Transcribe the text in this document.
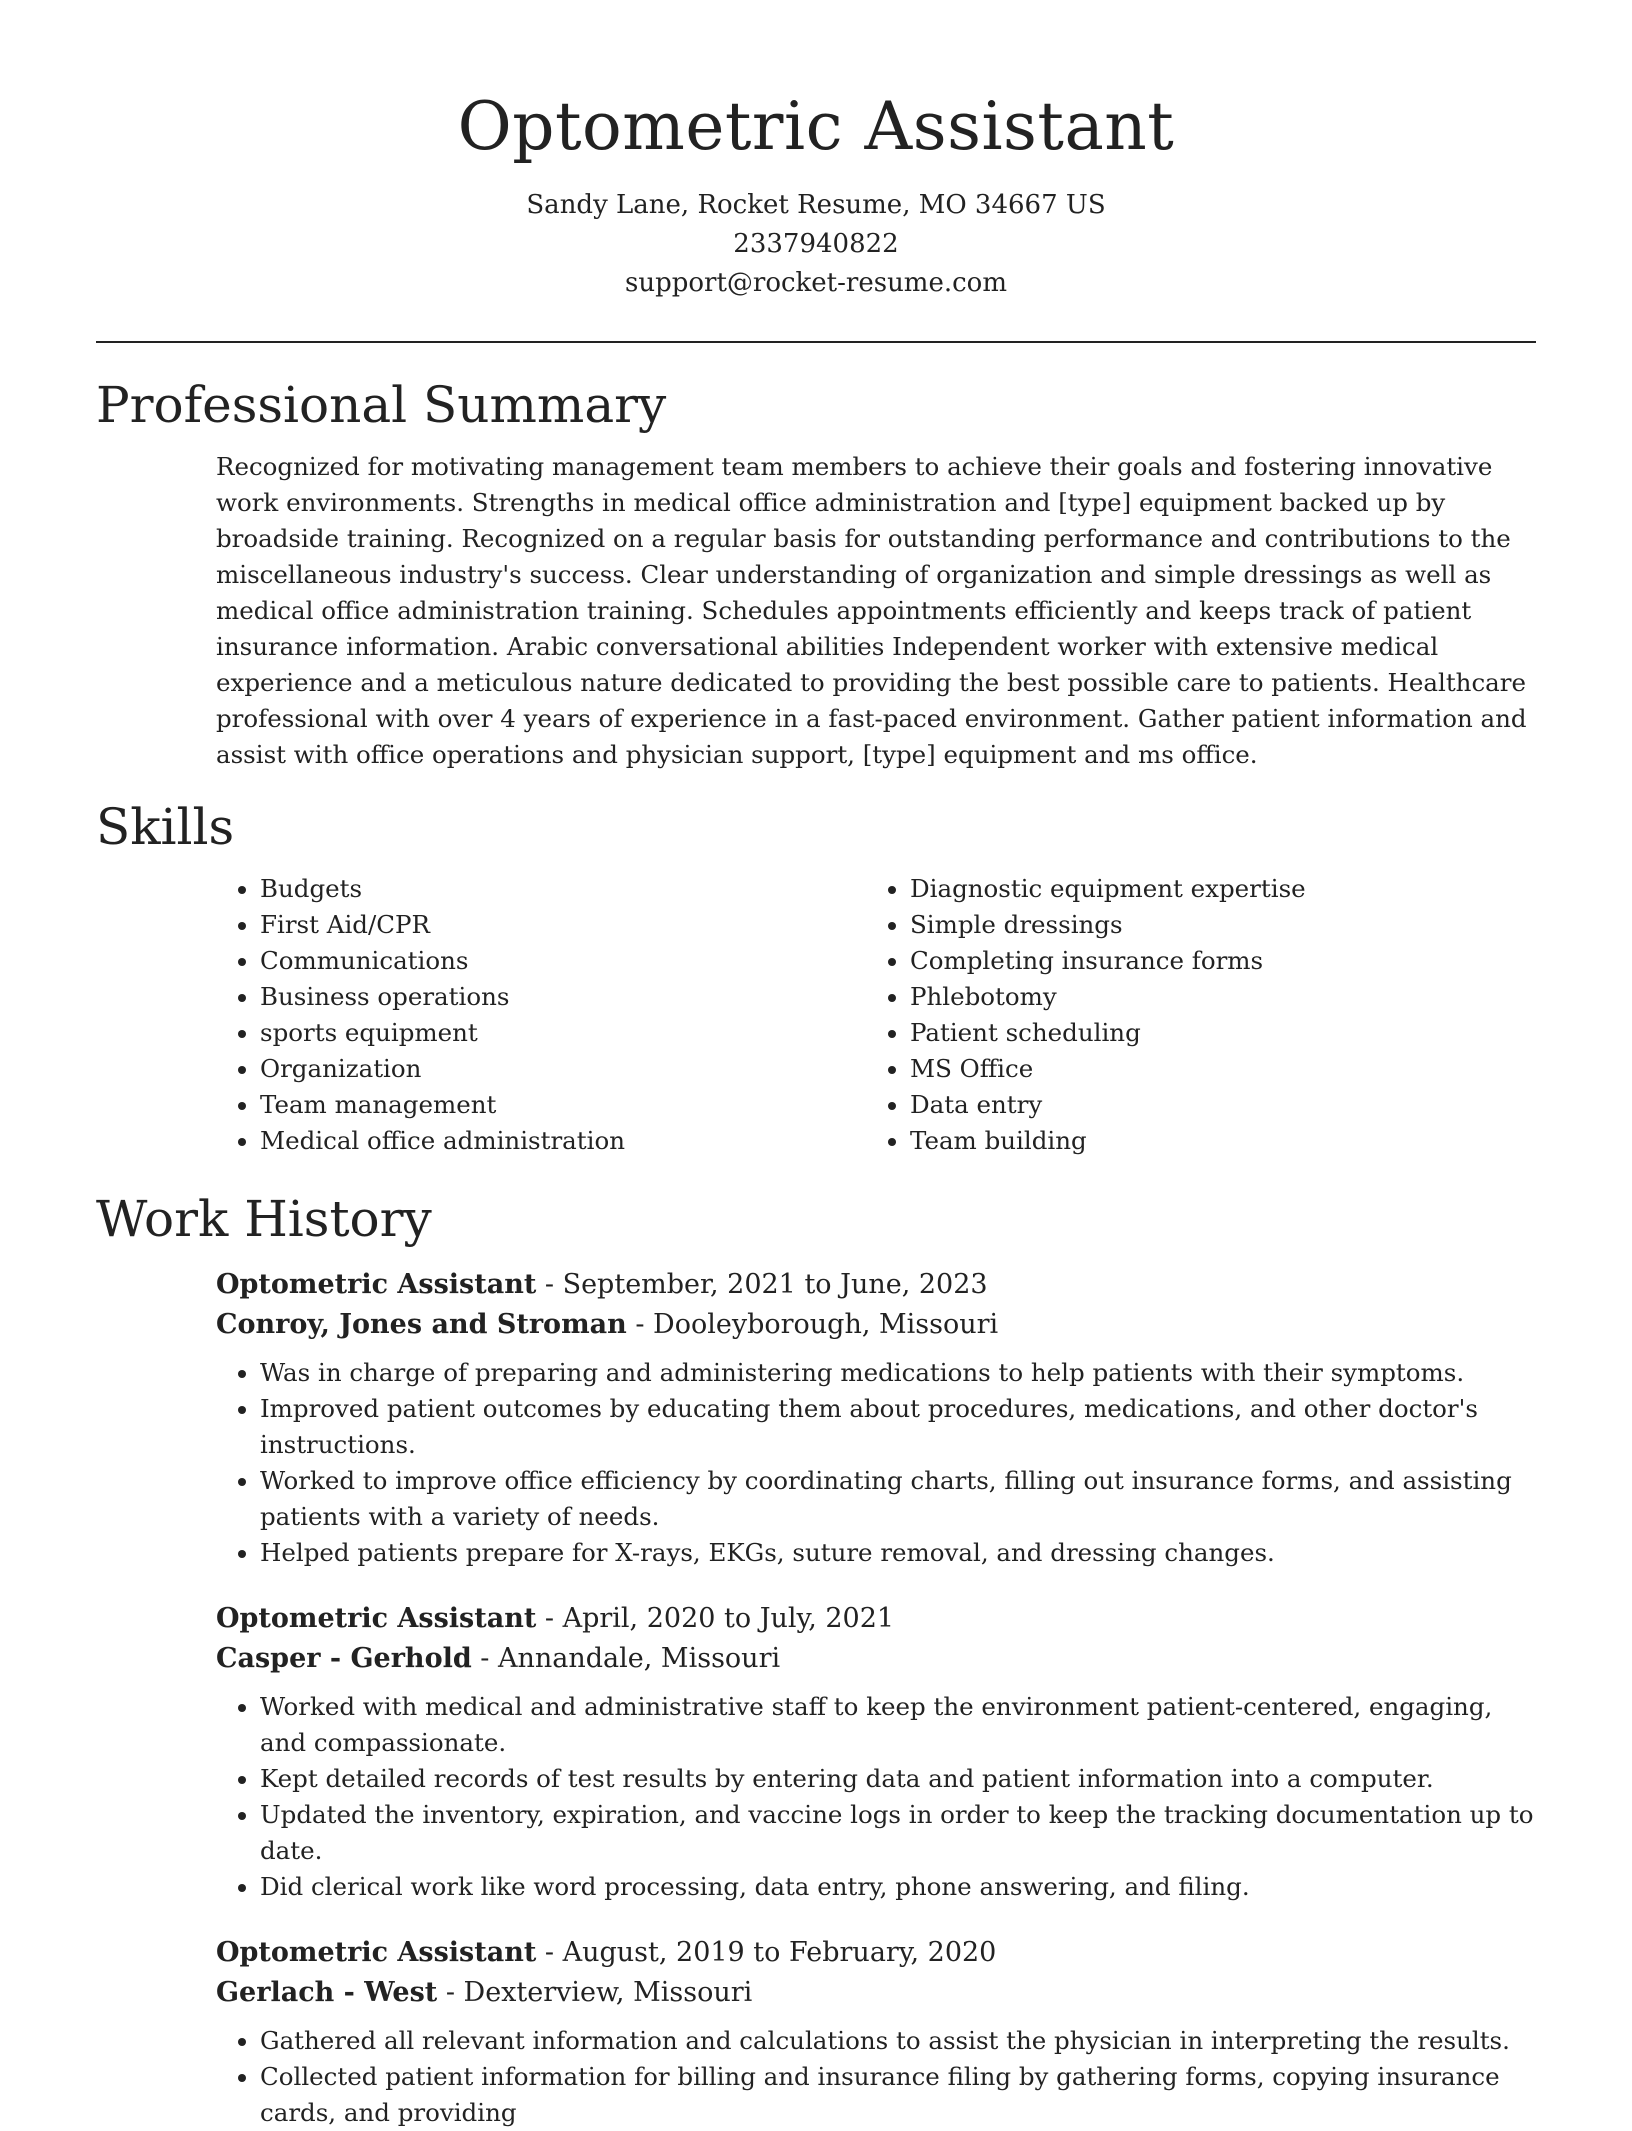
Optometric Assistant
Sandy Lane, Rocket Resume, MO 34667 US
2337940822
support@rocket-resume.com
Professional Summary

Recognized for motivating management team members to achieve their goals and fostering innovative work environments. Strengths in medical office administration and [type] equipment backed up by broadside training. Recognized on a regular basis for outstanding performance and contributions to the miscellaneous industry's success. Clear understanding of organization and simple dressings as well as medical office administration training. Schedules appointments efficiently and keeps track of patient insurance information. Arabic conversational abilities Independent worker with extensive medical experience and a meticulous nature dedicated to providing the best possible care to patients. Healthcare professional with over 4 years of experience in a fast-paced environment. Gather patient information and assist with office operations and physician support, [type] equipment and ms office.

Skills
• Budgets
• First Aid/CPR
• Communications
• Business operations
• sports equipment
• Organization
• Team management
• Medical office administration
• Diagnostic equipment expertise
• Simple dressings
• Completing insurance forms
• Phlebotomy
• Patient scheduling
• MS Office
• Data entry
• Team building
Work History
Optometric Assistant - September, 2021 to June, 2023
Conroy, Jones and Stroman - Dooleyborough, Missouri
• Was in charge of preparing and administering medications to help patients with their symptoms.
• Improved patient outcomes by educating them about procedures, medications, and other doctor's instructions.
• Worked to improve office efficiency by coordinating charts, filling out insurance forms, and assisting patients with a variety of needs.
• Helped patients prepare for X-rays, EKGs, suture removal, and dressing changes.
Optometric Assistant - April, 2020 to July, 2021
Casper - Gerhold - Annandale, Missouri
• Worked with medical and administrative staff to keep the environment patient-centered, engaging, and compassionate.
• Kept detailed records of test results by entering data and patient information into a computer.
• Updated the inventory, expiration, and vaccine logs in order to keep the tracking documentation up to date.
• Did clerical work like word processing, data entry, phone answering, and filing.
Optometric Assistant - August, 2019 to February, 2020
Gerlach - West - Dexterview, Missouri
• Gathered all relevant information and calculations to assist the physician in interpreting the results.
• Collected patient information for billing and insurance filing by gathering forms, copying insurance cards, and providing
